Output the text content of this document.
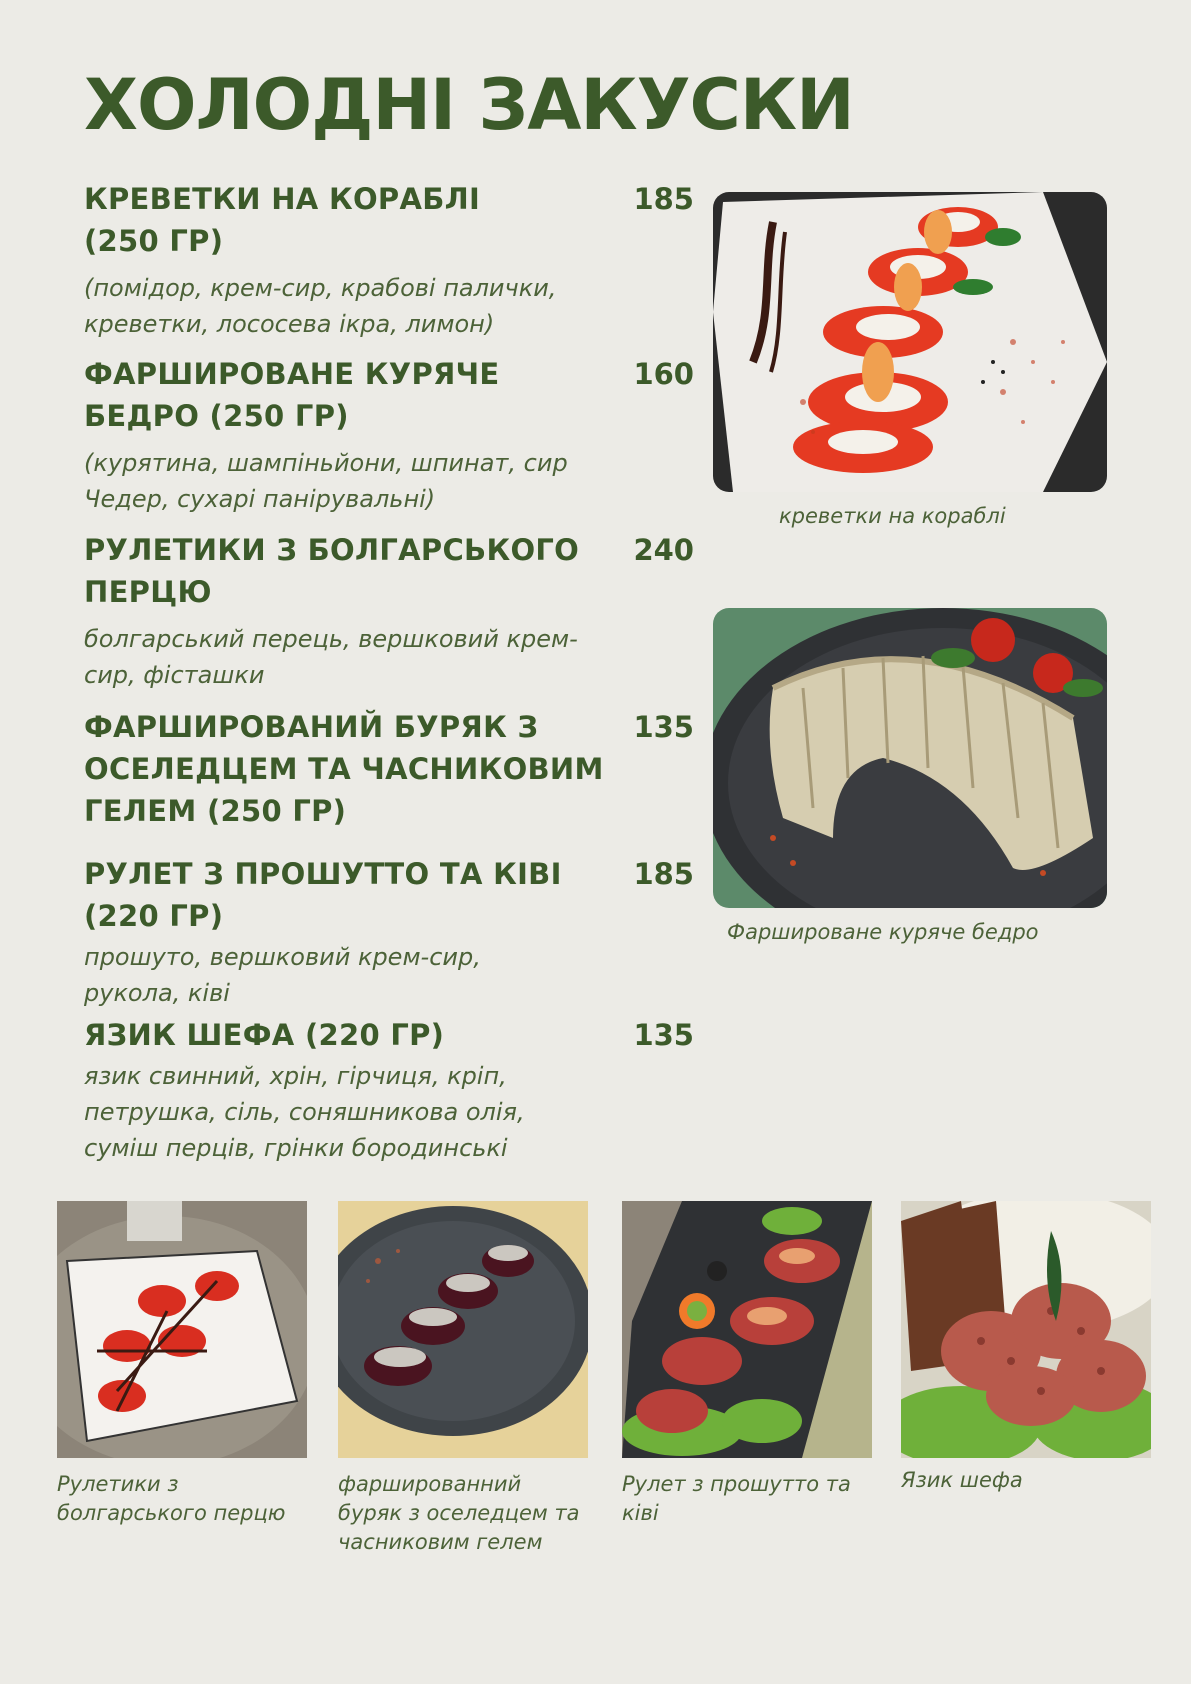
ХОЛОДНІ ЗАКУСКИ
КРЕВЕТКИ НА КОРАБЛІ (250 ГР)
185
(помідор, крем-сир, крабові палички, креветки, лососева ікра, лимон)
ФАРШИРОВАНЕ КУРЯЧЕ БЕДРО (250 ГР)
160
(курятина, шампіньйони, шпинат, сир Чедер, сухарі панірувальні)
РУЛЕТИКИ З БОЛГАРСЬКОГО ПЕРЦЮ
240
болгарський перець, вершковий крем-сир, фісташки
ФАРШИРОВАНИЙ БУРЯК З ОСЕЛЕДЦЕМ ТА ЧАСНИКОВИМ ГЕЛЕМ (250 ГР)
135
РУЛЕТ З ПРОШУТТО ТА КІВІ (220 ГР)
185
прошуто, вершковий крем-сир, рукола, ківі
ЯЗИК ШЕФА (220 ГР)	135
язик свинний, хрін, гірчиця, кріп, петрушка, сіль, соняшникова олія, суміш перців, грінки бородинські
креветки на кораблі
Фаршироване куряче бедро
Рулетики з болгарського перцю
фаршированний буряк з оселедцем та часниковим гелем
Рулет з прошутто та ківі
Язик шефа
